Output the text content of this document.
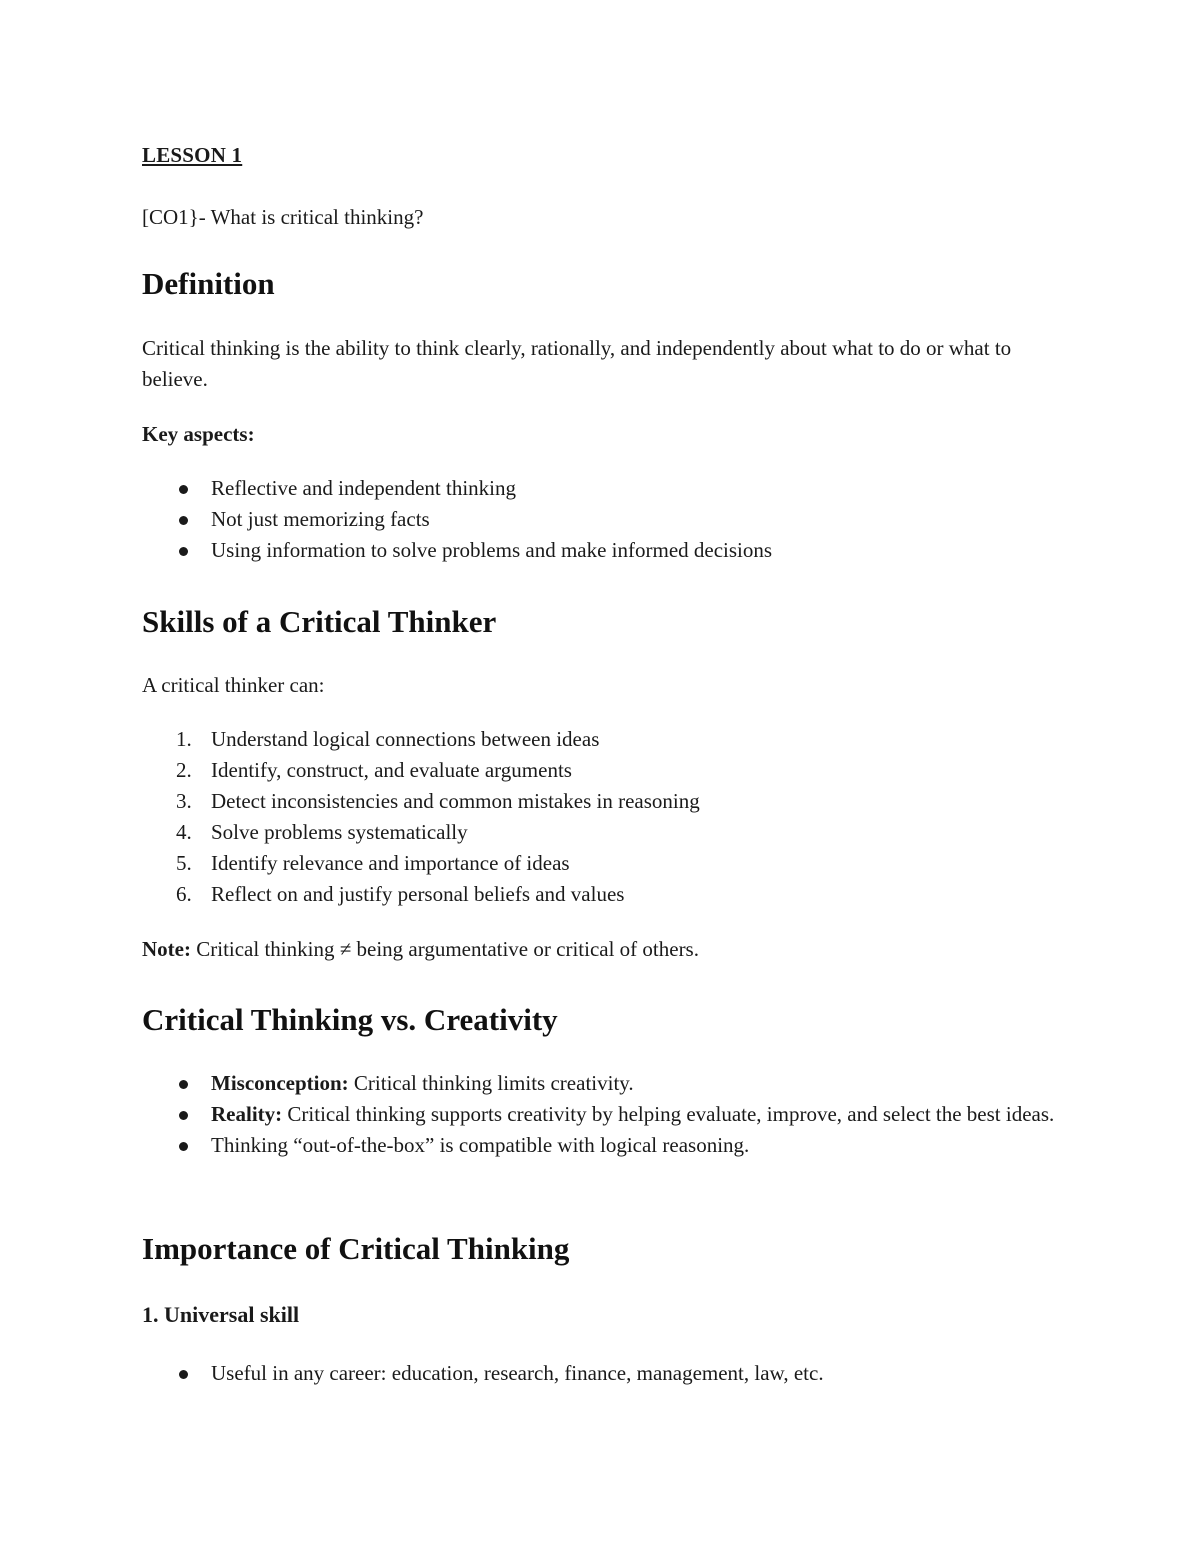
LESSON 1

[CO1}- What is critical thinking?

Definition

Critical thinking is the ability to think clearly, rationally, and independently about what to do or what to believe.

Key aspects:

Reflective and independent thinking
Not just memorizing facts
Using information to solve problems and make informed decisions
Skills of a Critical Thinker

A critical thinker can:

1. Understand logical connections between ideas
2. Identify, construct, and evaluate arguments
3. Detect inconsistencies and common mistakes in reasoning
4. Solve problems systematically
5. Identify relevance and importance of ideas
6. Reflect on and justify personal beliefs and values

Note: Critical thinking ≠ being argumentative or critical of others.

Critical Thinking vs. Creativity
Misconception: Critical thinking limits creativity.
Reality: Critical thinking supports creativity by helping evaluate, improve, and select the best ideas.
Thinking “out-of-the-box” is compatible with logical reasoning.
Importance of Critical Thinking
1. Universal skill
Useful in any career: education, research, finance, management, law, etc.
